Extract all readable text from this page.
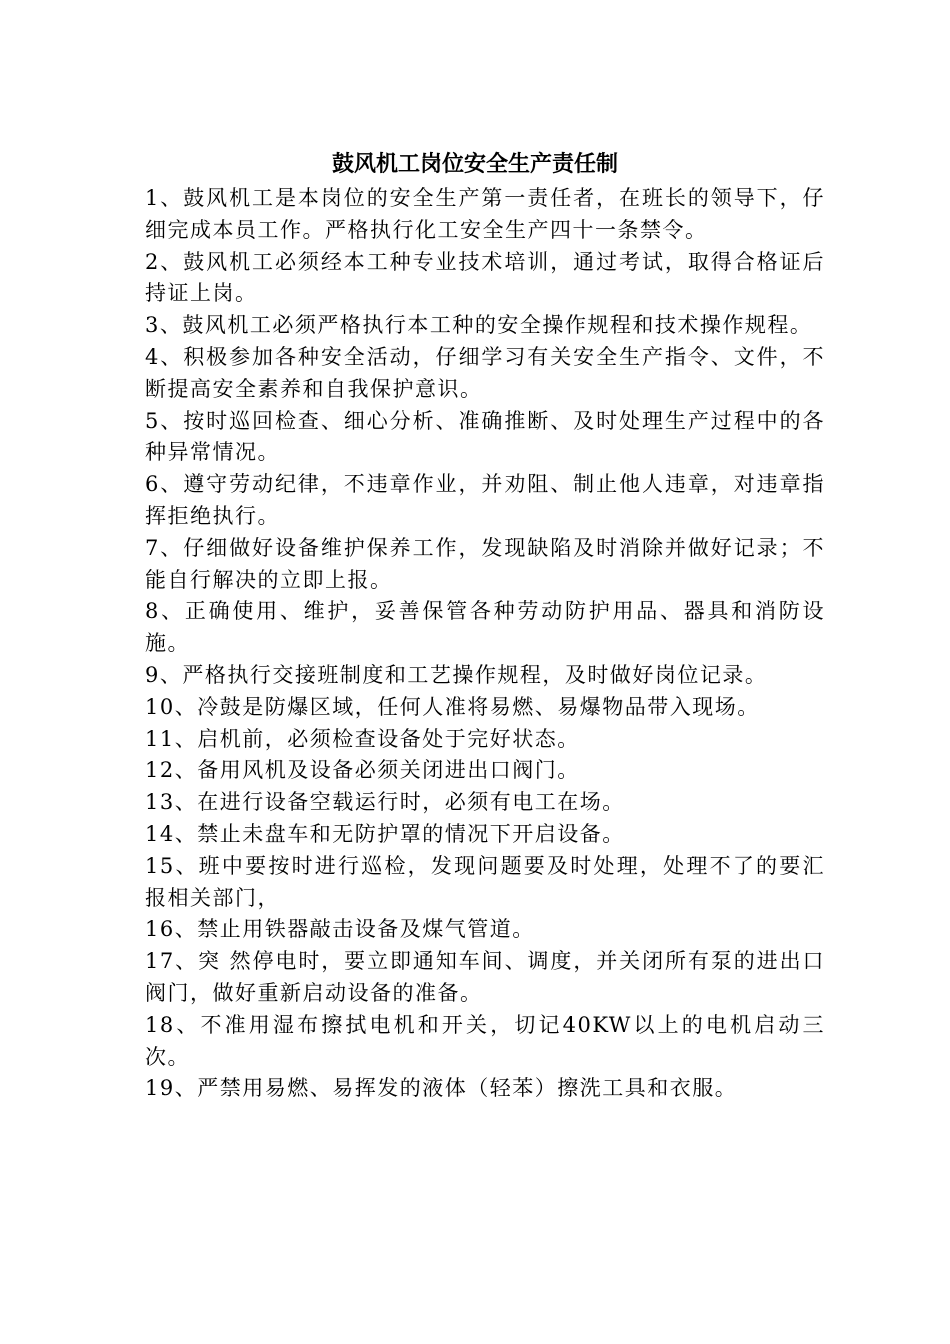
鼓风机工岗位安全生产责任制

1、鼓风机工是本岗位的安全生产第一责任者，在班长的领导下，仔细完成本员工作。严格执行化工安全生产四十一条禁令。

2、鼓风机工必须经本工种专业技术培训，通过考试，取得合格证后持证上岗。

3、鼓风机工必须严格执行本工种的安全操作规程和技术操作规程。

4、积极参加各种安全活动，仔细学习有关安全生产指令、文件，不断提高安全素养和自我保护意识。

5、按时巡回检查、细心分析、准确推断、及时处理生产过程中的各种异常情况。

6、遵守劳动纪律，不违章作业，并劝阻、制止他人违章，对违章指挥拒绝执行。

7、仔细做好设备维护保养工作，发现缺陷及时消除并做好记录；不能自行解决的立即上报。

8、正确使用、维护，妥善保管各种劳动防护用品、器具和消防设施。

9、严格执行交接班制度和工艺操作规程，及时做好岗位记录。

10、冷鼓是防爆区域，任何人准将易燃、易爆物品带入现场。

11、启机前，必须检查设备处于完好状态。

12、备用风机及设备必须关闭进出口阀门。

13、在进行设备空载运行时，必须有电工在场。

14、禁止未盘车和无防护罩的情况下开启设备。

15、班中要按时进行巡检，发现问题要及时处理，处理不了的要汇报相关部门，

16、禁止用铁器敲击设备及煤气管道。

17、突 然停电时，要立即通知车间、调度，并关闭所有泵的进出口阀门，做好重新启动设备的准备。

18、不准用湿布擦拭电机和开关，切记40KW以上的电机启动三次。

19、严禁用易燃、易挥发的液体（轻苯）擦洗工具和衣服。
